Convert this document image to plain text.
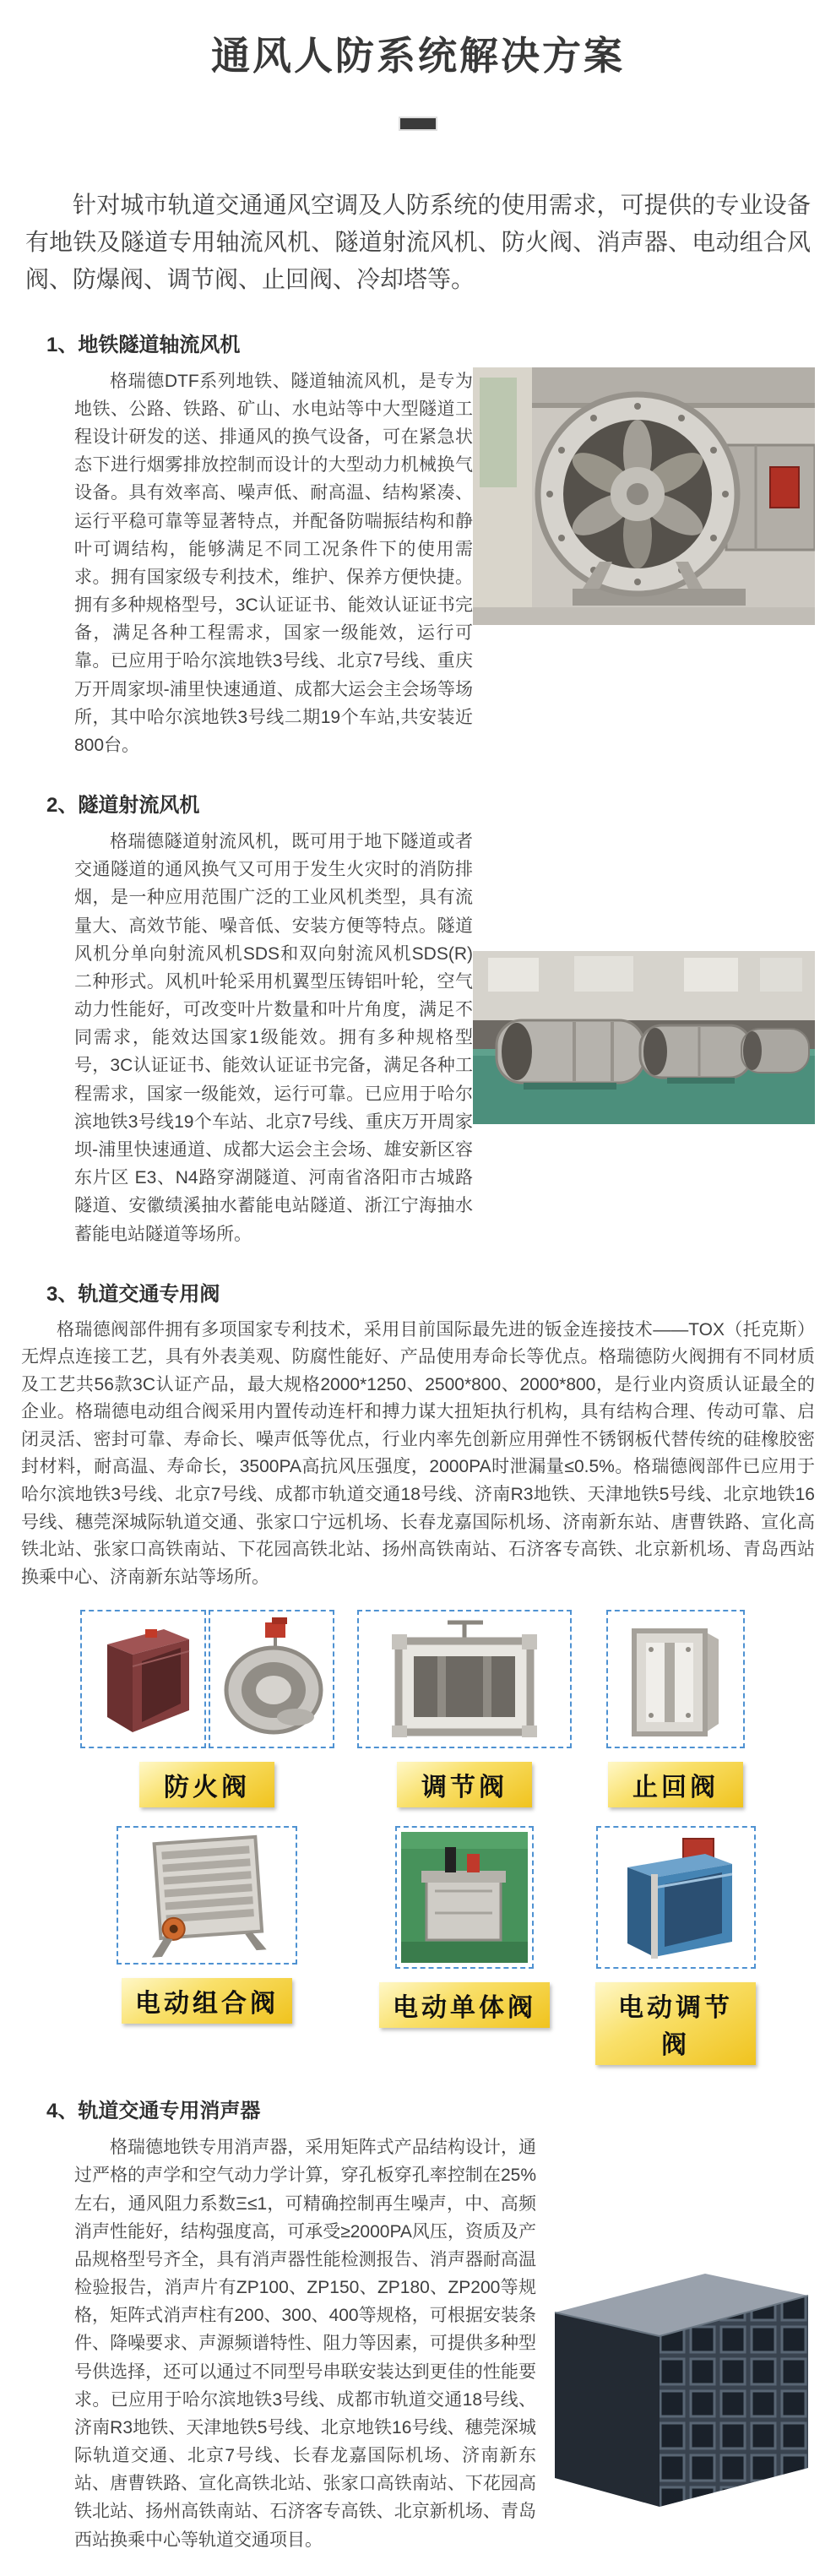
通风人防系统解决方案

针对城市轨道交通通风空调及人防系统的使用需求，可提供的专业设备有地铁及隧道专用轴流风机、隧道射流风机、防火阀、消声器、电动组合风阀、防爆阀、调节阀、止回阀、冷却塔等。

1、地铁隧道轴流风机

格瑞德DTF系列地铁、隧道轴流风机，是专为地铁、公路、铁路、矿山、水电站等中大型隧道工程设计研发的送、排通风的换气设备，可在紧急状态下进行烟雾排放控制而设计的大型动力机械换气设备。具有效率高、噪声低、耐高温、结构紧凑、运行平稳可靠等显著特点，并配备防喘振结构和静叶可调结构，能够满足不同工况条件下的使用需求。拥有国家级专利技术，维护、保养方便快捷。拥有多种规格型号，3C认证证书、能效认证证书完备，满足各种工程需求，国家一级能效，运行可靠。已应用于哈尔滨地铁3号线、北京7号线、重庆万开周家坝-浦里快速通道、成都大运会主会场等场所，其中哈尔滨地铁3号线二期19个车站,共安装近800台。

2、隧道射流风机

格瑞德隧道射流风机，既可用于地下隧道或者交通隧道的通风换气又可用于发生火灾时的消防排烟，是一种应用范围广泛的工业风机类型，具有流量大、高效节能、噪音低、安装方便等特点。隧道风机分单向射流风机SDS和双向射流风机SDS(R)二种形式。风机叶轮采用机翼型压铸铝叶轮，空气动力性能好，可改变叶片数量和叶片角度，满足不同需求，能效达国家1级能效。拥有多种规格型号，3C认证证书、能效认证证书完备，满足各种工程需求，国家一级能效，运行可靠。已应用于哈尔滨地铁3号线19个车站、北京7号线、重庆万开周家坝-浦里快速通道、成都大运会主会场、雄安新区容东片区 E3、N4路穿湖隧道、河南省洛阳市古城路隧道、安徽绩溪抽水蓄能电站隧道、浙江宁海抽水蓄能电站隧道等场所。

3、轨道交通专用阀

格瑞德阀部件拥有多项国家专利技术，采用目前国际最先进的钣金连接技术——TOX（托克斯）无焊点连接工艺，具有外表美观、防腐性能好、产品使用寿命长等优点。格瑞德防火阀拥有不同材质及工艺共56款3C认证产品，最大规格2000*1250、2500*800、2000*800，是行业内资质认证最全的企业。格瑞德电动组合阀采用内置传动连杆和搏力谋大扭矩执行机构，具有结构合理、传动可靠、启闭灵活、密封可靠、寿命长、噪声低等优点，行业内率先创新应用弹性不锈钢板代替传统的硅橡胶密封材料，耐高温、寿命长，3500PA高抗风压强度，2000PA时泄漏量≤0.5%。格瑞德阀部件已应用于哈尔滨地铁3号线、北京7号线、成都市轨道交通18号线、济南R3地铁、天津地铁5号线、北京地铁16号线、穗莞深城际轨道交通、张家口宁远机场、长春龙嘉国际机场、济南新东站、唐曹铁路、宣化高铁北站、张家口高铁南站、下花园高铁北站、扬州高铁南站、石济客专高铁、北京新机场、青岛西站换乘中心、济南新东站等场所。

防火阀	调节阀	止回阀
电动组合阀	电动单体阀	电动调节阀
4、轨道交通专用消声器

格瑞德地铁专用消声器，采用矩阵式产品结构设计，通过严格的声学和空气动力学计算，穿孔板穿孔率控制在25%左右，通风阻力系数Ξ≤1，可精确控制再生噪声，中、高频消声性能好，结构强度高，可承受≥2000PA风压，资质及产品规格型号齐全，具有消声器性能检测报告、消声器耐高温检验报告，消声片有ZP100、ZP150、ZP180、ZP200等规格，矩阵式消声柱有200、300、400等规格，可根据安装条件、降噪要求、声源频谱特性、阻力等因素，可提供多种型号供选择，还可以通过不同型号串联安装达到更佳的性能要求。已应用于哈尔滨地铁3号线、成都市轨道交通18号线、济南R3地铁、天津地铁5号线、北京地铁16号线、穗莞深城际轨道交通、北京7号线、长春龙嘉国际机场、济南新东站、唐曹铁路、宣化高铁北站、张家口高铁南站、下花园高铁北站、扬州高铁南站、石济客专高铁、北京新机场、青岛西站换乘中心等轨道交通项目。
